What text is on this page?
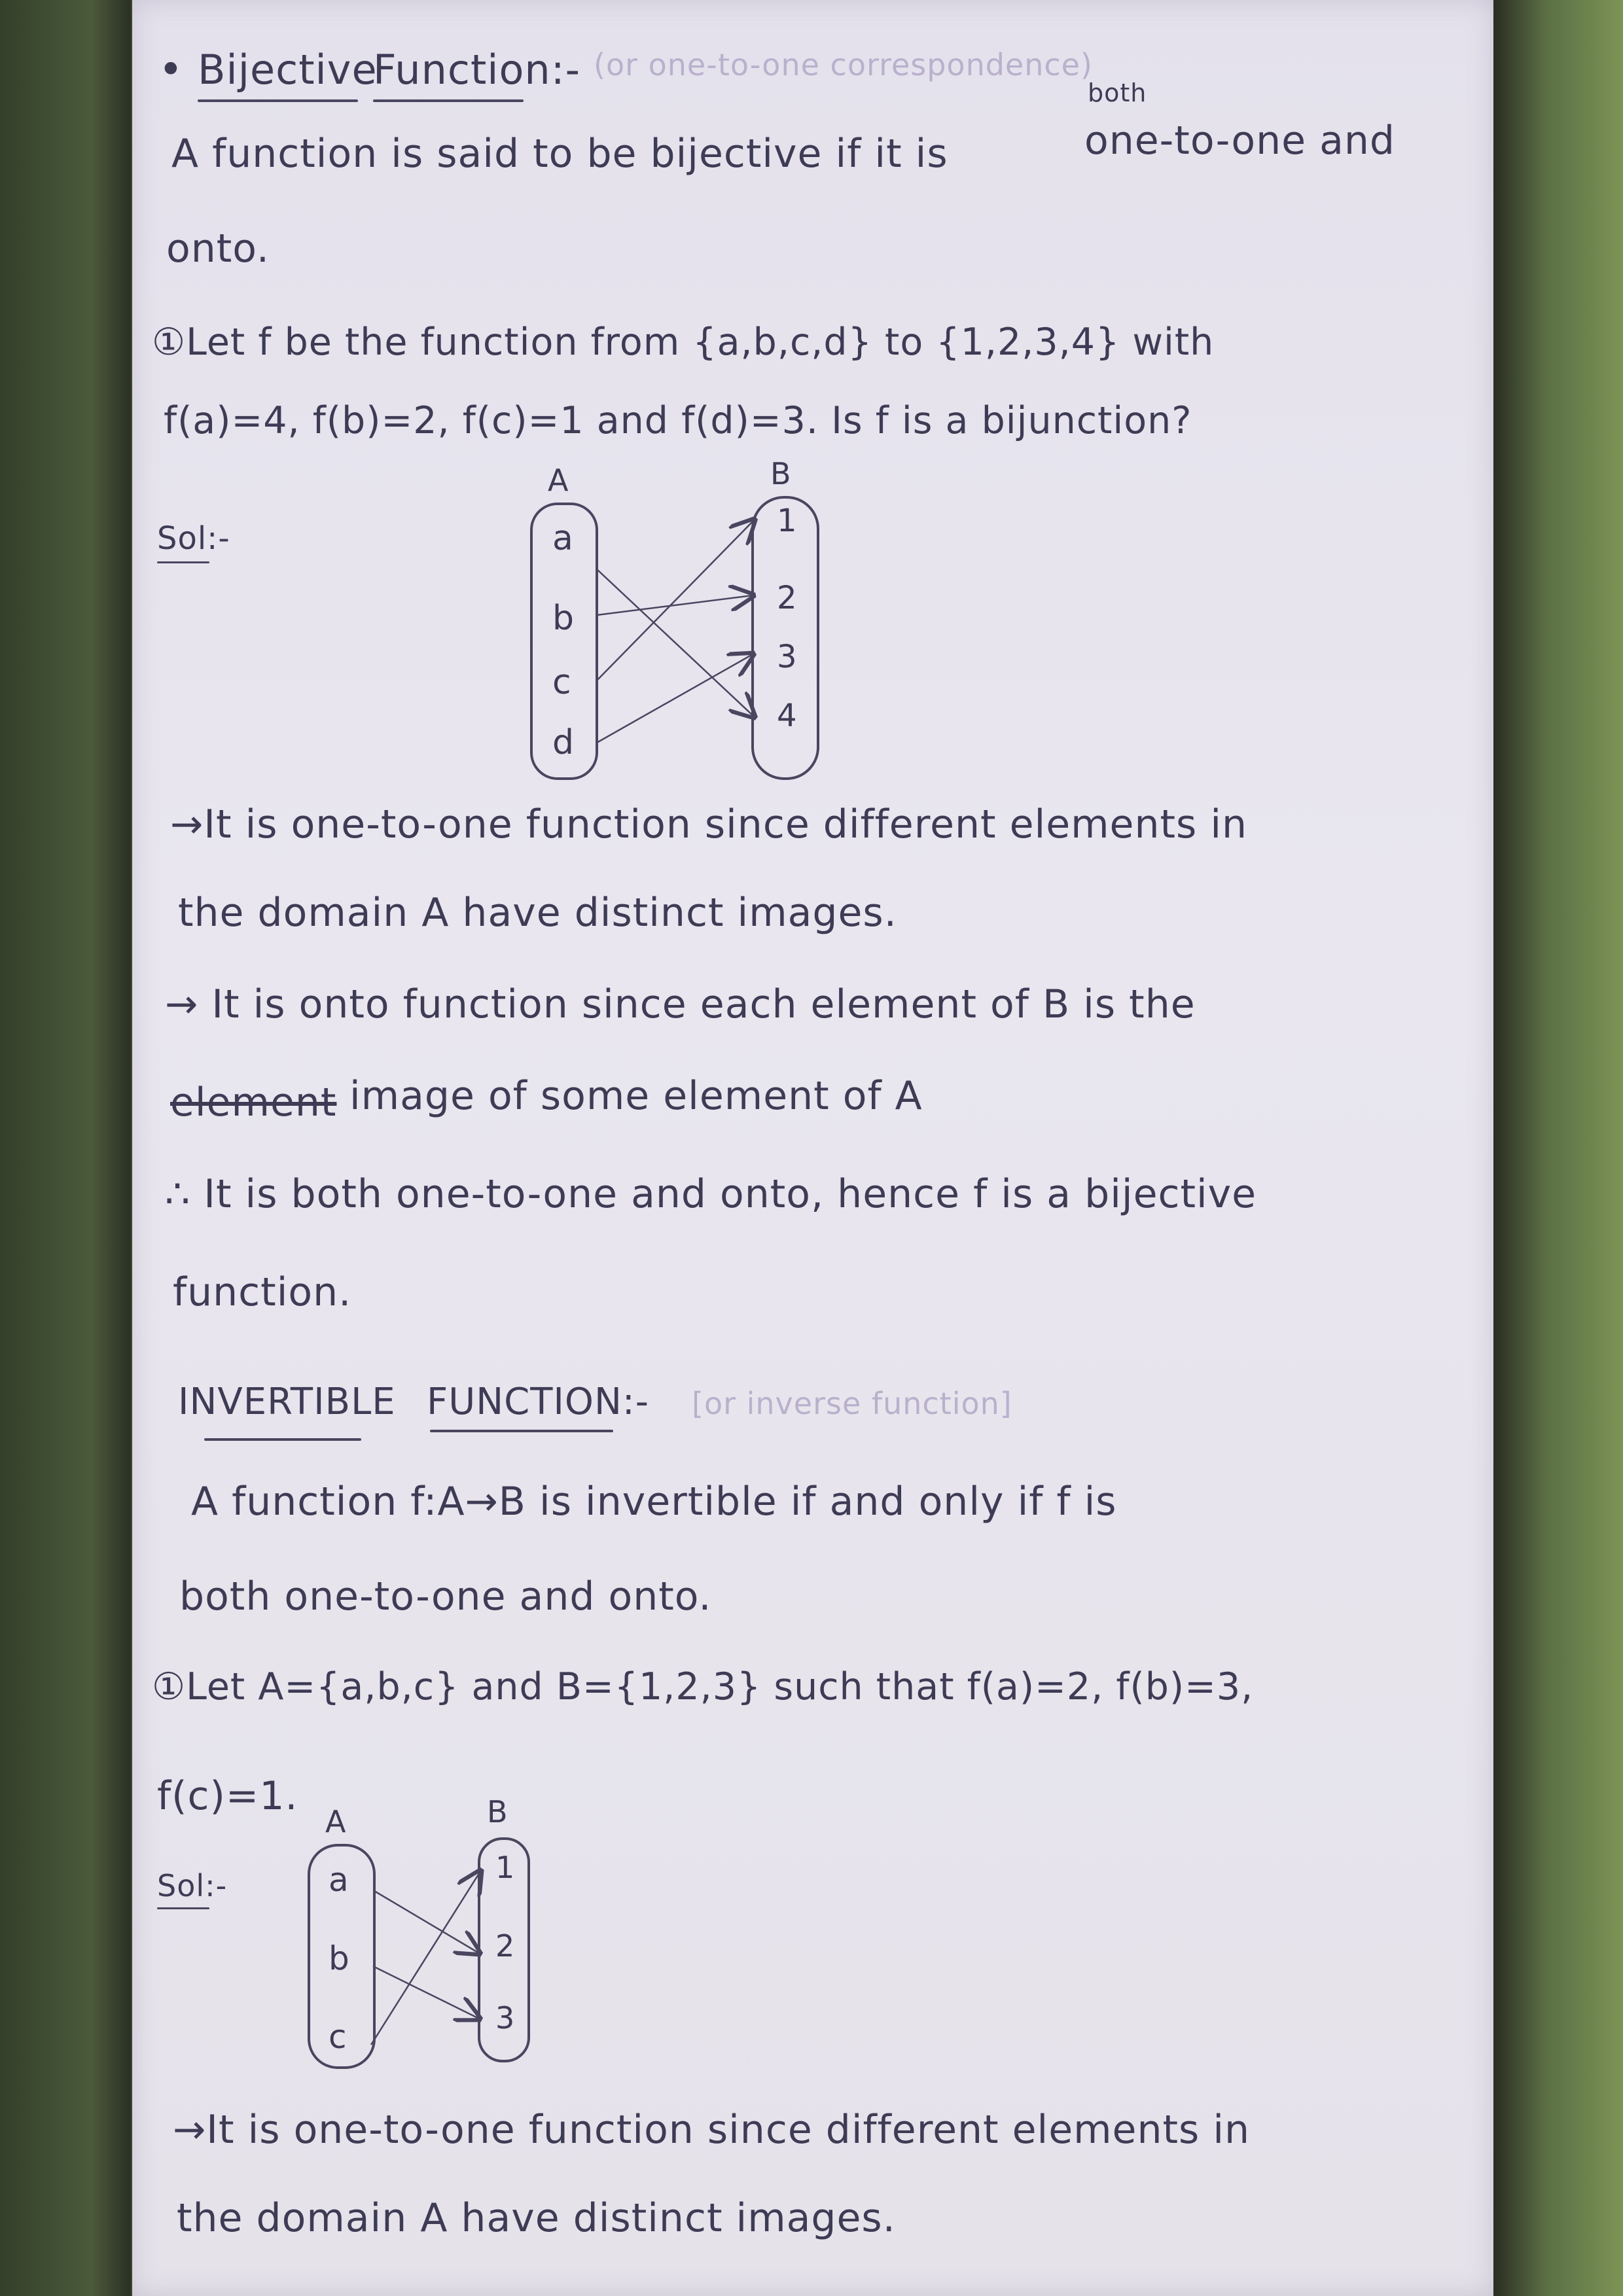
• Bijective
Function:- (or one-to-one correspondence)
both
A function is said to be bijective if it is	one-to-one and
onto.
①Let f be the function from {a,b,c,d} to {1,2,3,4} with
f(a)=4, f(b)=2, f(c)=1 and f(d)=3. Is f is a bijunction?
Sol:-
A	B
a
b
c
d
1
2
3
4
→It is one-to-one function since different elements in
the domain A have distinct images.
→ It is onto function since each element of B is the
element image of some element of A
∴ It is both one-to-one and onto, hence f is a bijective
function.
INVERTIBLE FUNCTION:- [or inverse function]
A function f:A→B is invertible if and only if f is
both one-to-one and onto.
①Let A={a,b,c} and B={1,2,3} such that f(a)=2, f(b)=3,
f(c)=1.
Sol:-
A	B
a
b
c
1
2
3
→It is one-to-one function since different elements in
the domain A have distinct images.
